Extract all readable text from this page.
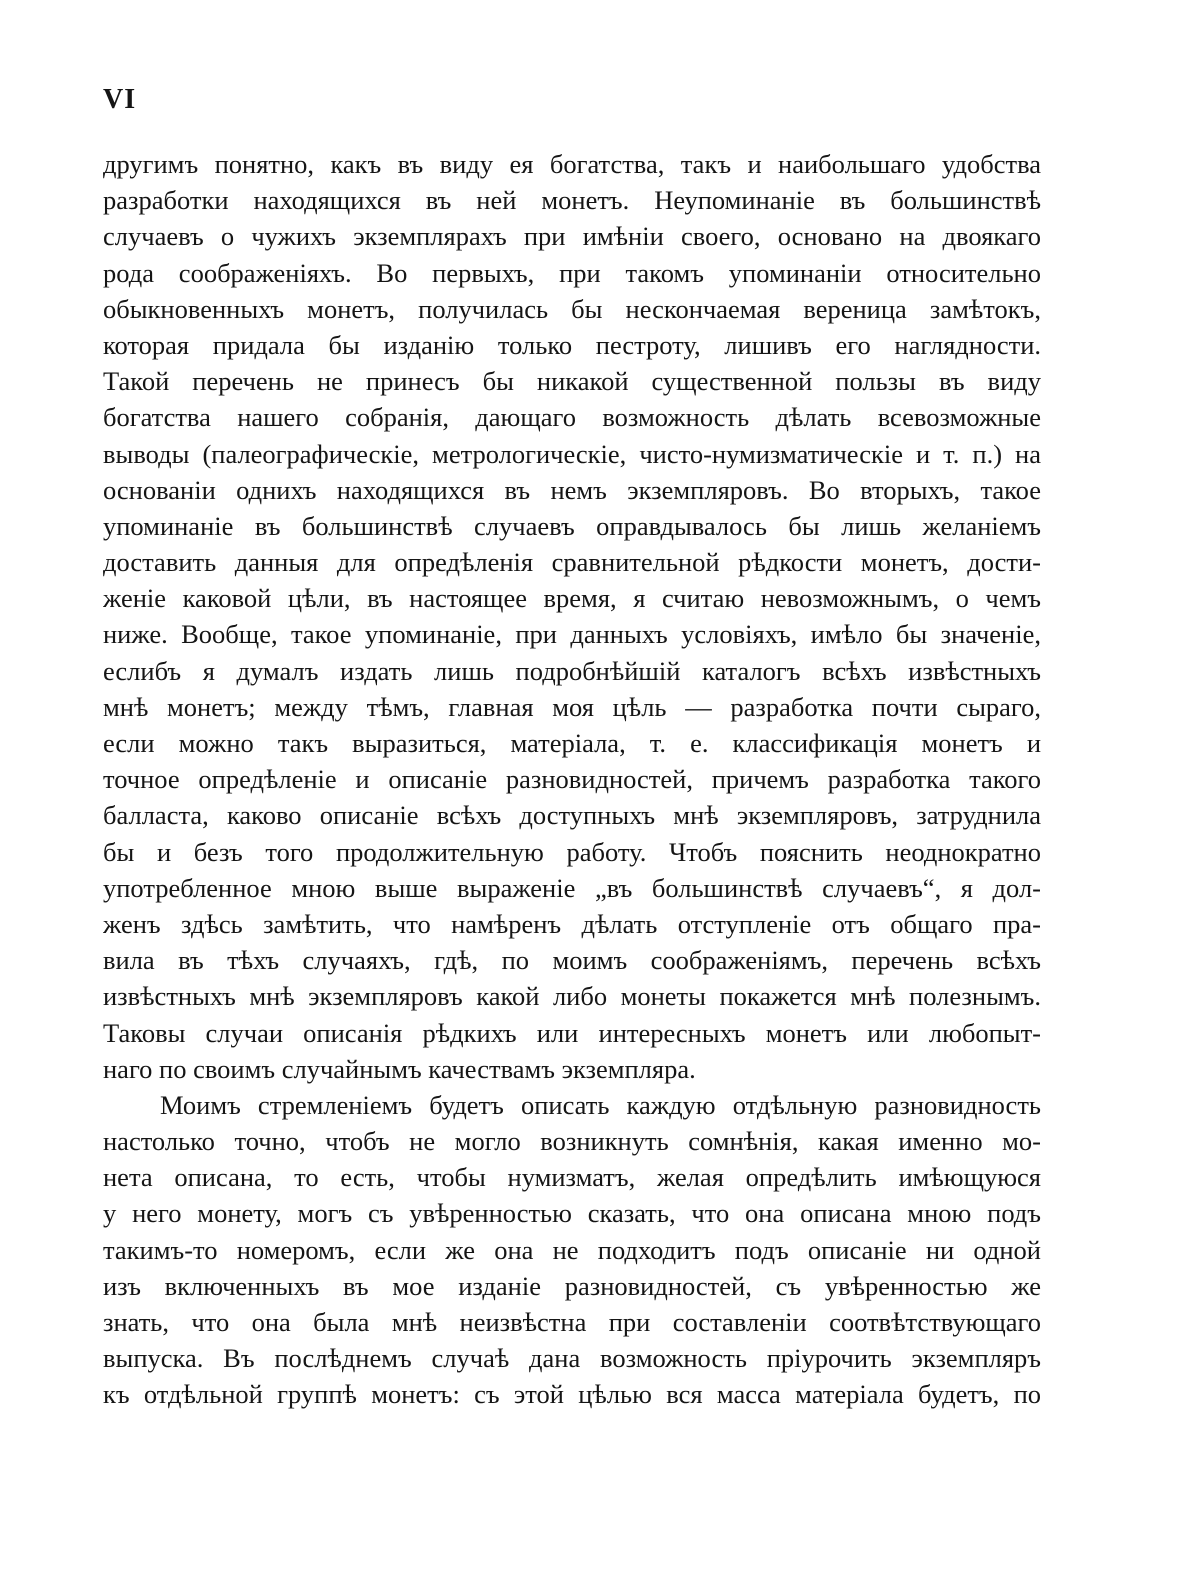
VI
другимъ понятно, какъ въ виду ея богатства, такъ и наибольшаго удобства
разработки находящихся въ ней монетъ. Неупоминаніе въ большинствѣ
случаевъ о чужихъ экземплярахъ при имѣніи своего, основано на двоякаго
рода соображеніяхъ. Во первыхъ, при такомъ упоминаніи относительно
обыкновенныхъ монетъ, получилась бы нескончаемая вереница замѣтокъ,
которая придала бы изданію только пестроту, лишивъ его наглядности.
Такой перечень не принесъ бы никакой существенной пользы въ виду
богатства нашего собранія, дающаго возможность дѣлать всевозможные
выводы (палеографическіе, метрологическіе, чисто-нумизматическіе и т. п.) на
основаніи однихъ находящихся въ немъ экземпляровъ. Во вторыхъ, такое
упоминаніе въ большинствѣ случаевъ оправдывалось бы лишь желаніемъ
доставить данныя для опредѣленія сравнительной рѣдкости монетъ, дости-
женіе каковой цѣли, въ настоящее время, я считаю невозможнымъ, о чемъ
ниже. Вообще, такое упоминаніе, при данныхъ условіяхъ, имѣло бы значеніе,
еслибъ я думалъ издать лишь подробнѣйшій каталогъ всѣхъ извѣстныхъ
мнѣ монетъ; между тѣмъ, главная моя цѣль — разработка почти сыраго,
если можно такъ выразиться, матеріала, т. е. классификація монетъ и
точное опредѣленіе и описаніе разновидностей, причемъ разработка такого
балласта, каково описаніе всѣхъ доступныхъ мнѣ экземпляровъ, затруднила
бы и безъ того продолжительную работу. Чтобъ пояснить неоднократно
употребленное мною выше выраженіе „въ большинствѣ случаевъ“, я дол-
женъ здѣсь замѣтить, что намѣренъ дѣлать отступленіе отъ общаго пра-
вила въ тѣхъ случаяхъ, гдѣ, по моимъ соображеніямъ, перечень всѣхъ
извѣстныхъ мнѣ экземпляровъ какой либо монеты покажется мнѣ полезнымъ.
Таковы случаи описанія рѣдкихъ или интересныхъ монетъ или любопыт-
наго по своимъ случайнымъ качествамъ экземпляра.
Моимъ стремленіемъ будетъ описать каждую отдѣльную разновидность
настолько точно, чтобъ не могло возникнуть сомнѣнія, какая именно мо-
нета описана, то есть, чтобы нумизматъ, желая опредѣлить имѣющуюся
у него монету, могъ съ увѣренностью сказать, что она описана мною подъ
такимъ-то номеромъ, если же она не подходитъ подъ описаніе ни одной
изъ включенныхъ въ мое изданіе разновидностей, съ увѣренностью же
знать, что она была мнѣ неизвѣстна при составленіи соотвѣтствующаго
выпуска. Въ послѣднемъ случаѣ дана возможность пріурочить экземпляръ
къ отдѣльной группѣ монетъ: съ этой цѣлью вся масса матеріала будетъ, по
